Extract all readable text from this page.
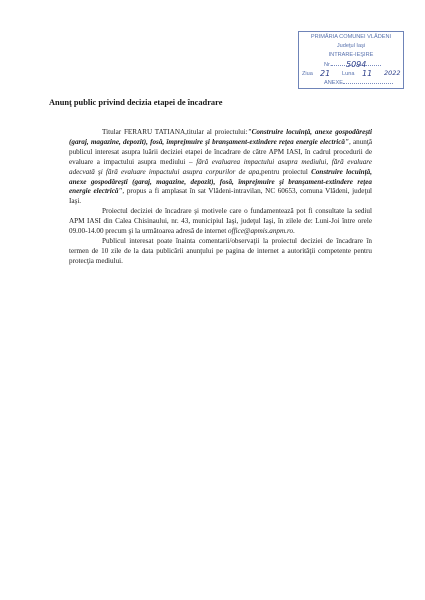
PRIMĂRIA COMUNEI VLĂDENI
Judeţul Iaşi
INTRARE-IEŞIRE
Nr. 5094
Ziua 21 Luna 11 2022
ANEXE
Anunţ public privind decizia etapei de încadrare

Titular FERARU TATIANA,titular al proiectului:"Construire locuinţă, anexe gospodăreşti (garaj, magazine, depozit), fosă, împrejmuire şi branşament-extindere reţea energie electrică", anunţă publicul interesat asupra luării deciziei etapei de încadrare de către APM IASI, în cadrul procedurii de evaluare a impactului asupra mediului – fără evaluarea impactului asupra mediului, fără evaluare adecvată şi fără evaluare impactului asupra corpurilor de apa,pentru proiectul Construire locuinţă, anexe gospodăreşti (garaj, magazine, depozit), fosă, împrejmuire şi branşament-extindere reţea energie electrică", propus a fi amplasat în sat Vlădeni-intravilan, NC 60653, comuna Vlădeni, judeţul Iaşi.

Proiectul deciziei de încadrare şi motivele care o fundamentează pot fi consultate la sediul APM IASI din Calea Chisinaului, nr. 43, municipiul Iaşi, judeţul Iaşi, în zilele de: Luni-Joi între orele 09.00-14.00 precum şi la următoarea adresă de internet office@apmis.anpm.ro.

Publicul interesat poate înainta comentarii/observaţii la proiectul deciziei de încadrare în termen de 10 zile de la data publicării anunţului pe pagina de internet a autorităţii competente pentru protecţia mediului.
